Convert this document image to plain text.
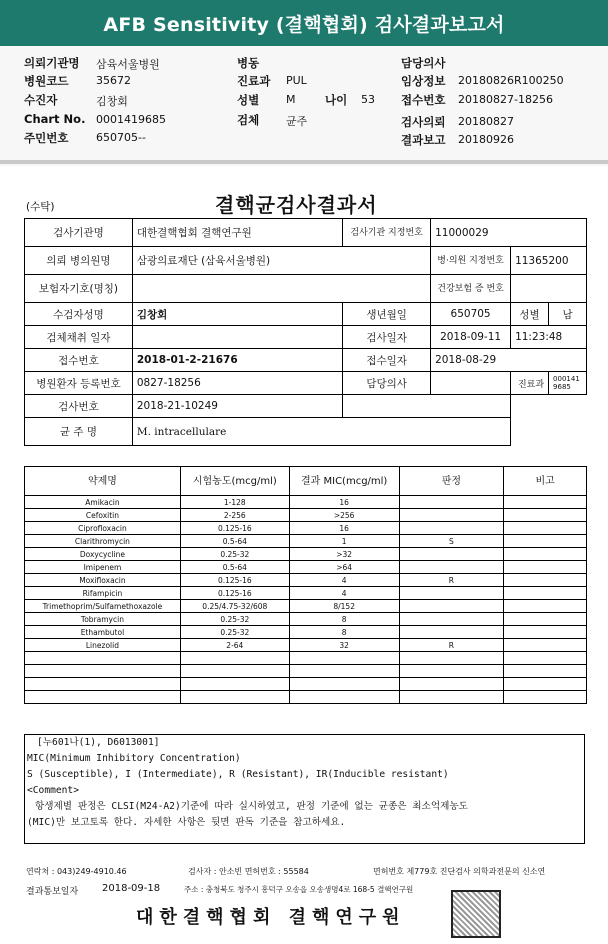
AFB Sensitivity (결핵협회) 검사결과보고서
의뢰기관명 삼육서울병원
병원코드	35672
수진자	김창회
Chart No. 0001419685
주민번호	650705--
병동
진료과 PUL
성별 M	나이 53
검체 균주
담당의사
임상정보 20180826R100250
접수번호 20180827-18256
검사의뢰 20180827
결과보고 20180926
(수탁)	결핵균검사결과서
검사기관명	대한결핵협회 결핵연구원	검사기관 지정번호	11000029		
의뢰 병의원명	삼광의료재단 (삼육서울병원)		병·의원 지정번호	11365200	
보험자기호(명칭)			건강보험 증 번호		
수검자성명	김창회	생년월일	650705	성별	남
검체채취 일자		검사일자	2018-09-11	11:23:48	
접수번호	2018-01-2-21676	접수일자	2018-08-29		
병원환자 등록번호	0827-18256	담당의사		진료과	0001419685
검사번호	2018-21-10249				
균 주 명	M. intracellulare				
약제명	시험농도(mcg/ml)	결과 MIC(mcg/ml)	판정	비고
Amikacin	1-128	16		
Cefoxitin	2-256	>256		
Ciprofloxacin	0.125-16	16		
Clarithromycin	0.5-64	1	S	
Doxycycline	0.25-32	>32		
Imipenem	0.5-64	>64		
Moxifloxacin	0.125-16	4	R	
Rifampicin	0.125-16	4		
Trimethoprim/Sulfamethoxazole	0.25/4.75-32/608	8/152		
Tobramycin	0.25-32	8		
Ethambutol	0.25-32	8		
Linezolid	2-64	32	R	

[누601나(1), D6013001]
MIC(Minimum Inhibitory Concentration)
S (Susceptible), I (Intermediate), R (Resistant), IR(Inducible resistant)
<Comment>
항생제별 판정은 CLSI(M24-A2)기준에 따라 실시하였고, 판정 기준에 없는 균종은 최소억제농도
(MIC)만 보고토록 한다. 자세한 사항은 뒷면 판독 기준을 참고하세요.
연락처 : 043)249-4910.46	검사자 : 안소빈 면허번호 : 55584	면허번호 제779호 진단검사 의학과전문의 신소연
결과통보일자 2018-09-18	주소 : 충청북도 청주시 흥덕구 오송읍 오송생명4로 168-5 결핵연구원
대한결핵협회 결핵연구원
